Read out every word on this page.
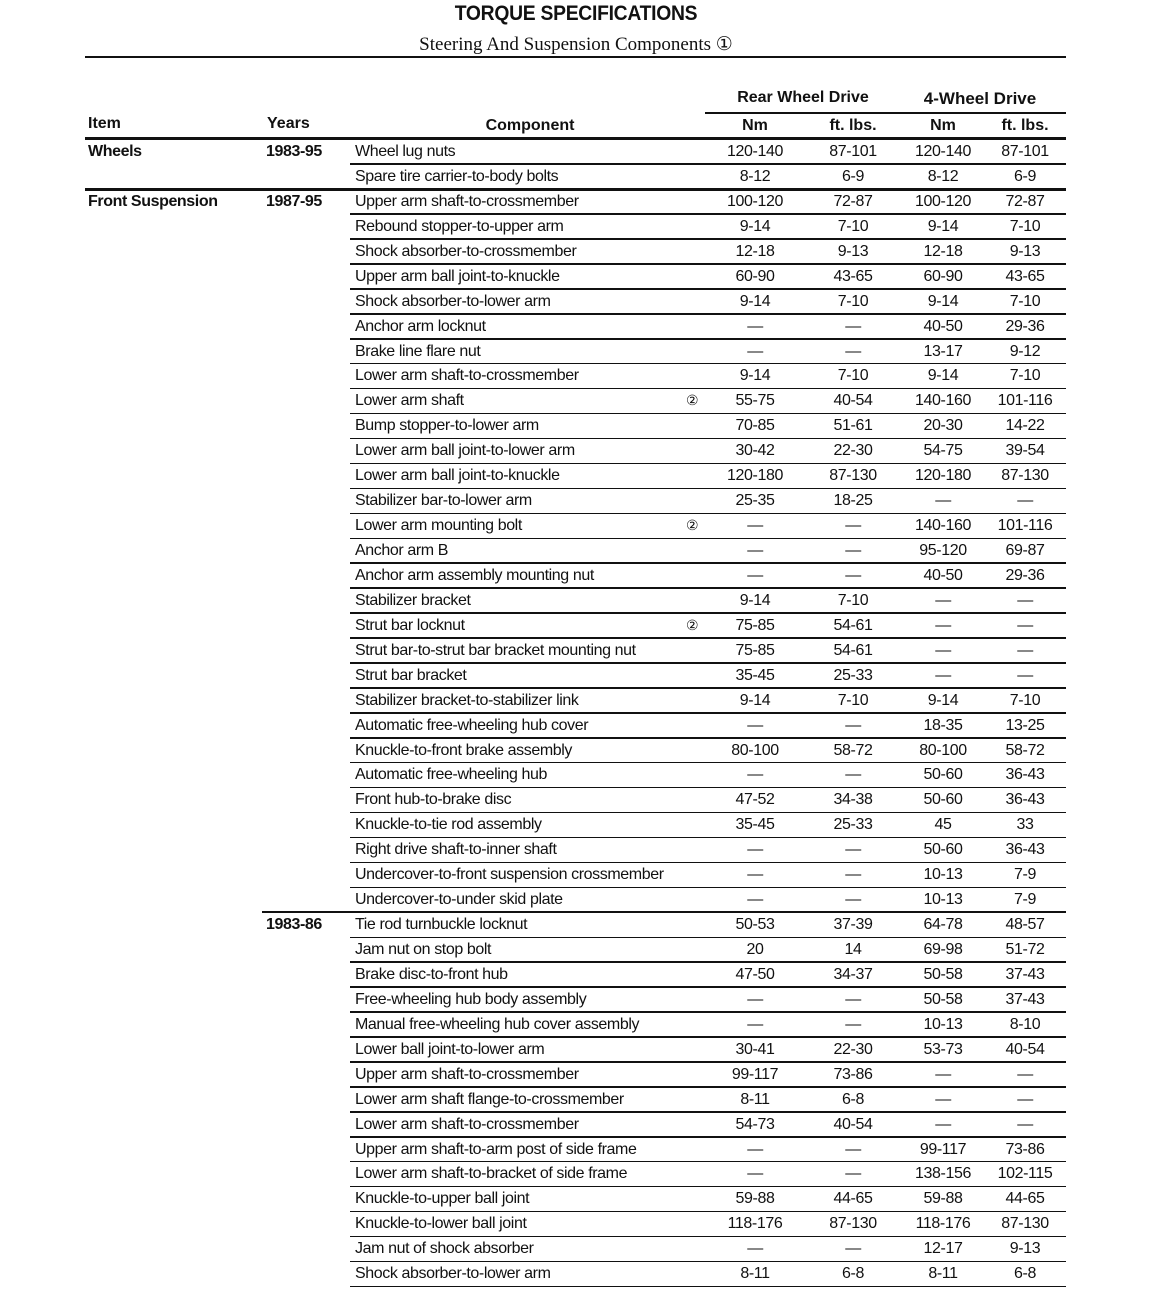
TORQUE SPECIFICATIONS
Steering And Suspension Components ①
Rear Wheel Drive	4-Wheel Drive
Item	Years	Component	Nm	ft. lbs.	Nm	ft. lbs.
Wheels	1983-95 Wheel lug nuts	120-140	87-101	120-140	87-101
Spare tire carrier-to-body bolts	8-12	6-9	8-12	6-9
Front Suspension	1987-95 Upper arm shaft-to-crossmember	100-120	72-87	100-120	72-87
Rebound stopper-to-upper arm	9-14	7-10	9-14	7-10
Shock absorber-to-crossmember	12-18	9-13	12-18	9-13
Upper arm ball joint-to-knuckle	60-90	43-65	60-90	43-65
Shock absorber-to-lower arm	9-14	7-10	9-14	7-10
Anchor arm locknut	—	—	40-50	29-36
Brake line flare nut	—	—	13-17	9-12
Lower arm shaft-to-crossmember	9-14	7-10	9-14	7-10
Lower arm shaft	②	55-75	40-54	140-160	101-116
Bump stopper-to-lower arm	70-85	51-61	20-30	14-22
Lower arm ball joint-to-lower arm	30-42	22-30	54-75	39-54
Lower arm ball joint-to-knuckle	120-180	87-130	120-180	87-130
Stabilizer bar-to-lower arm	25-35	18-25	—	—
Lower arm mounting bolt	②	—	—	140-160	101-116
Anchor arm B	—	—	95-120	69-87
Anchor arm assembly mounting nut	—	—	40-50	29-36
Stabilizer bracket	9-14	7-10	—	—
Strut bar locknut	②	75-85	54-61	—	—
Strut bar-to-strut bar bracket mounting nut	75-85	54-61	—	—
Strut bar bracket	35-45	25-33	—	—
Stabilizer bracket-to-stabilizer link	9-14	7-10	9-14	7-10
Automatic free-wheeling hub cover	—	—	18-35	13-25
Knuckle-to-front brake assembly	80-100	58-72	80-100	58-72
Automatic free-wheeling hub	—	—	50-60	36-43
Front hub-to-brake disc	47-52	34-38	50-60	36-43
Knuckle-to-tie rod assembly	35-45	25-33	45	33
Right drive shaft-to-inner shaft	—	—	50-60	36-43
Undercover-to-front suspension crossmember	—	—	10-13	7-9
Undercover-to-under skid plate	—	—	10-13	7-9
1983-86 Tie rod turnbuckle locknut	50-53	37-39	64-78	48-57
Jam nut on stop bolt	20	14	69-98	51-72
Brake disc-to-front hub	47-50	34-37	50-58	37-43
Free-wheeling hub body assembly	—	—	50-58	37-43
Manual free-wheeling hub cover assembly	—	—	10-13	8-10
Lower ball joint-to-lower arm	30-41	22-30	53-73	40-54
Upper arm shaft-to-crossmember	99-117	73-86	—	—
Lower arm shaft flange-to-crossmember	8-11	6-8	—	—
Lower arm shaft-to-crossmember	54-73	40-54	—	—
Upper arm shaft-to-arm post of side frame	—	—	99-117	73-86
Lower arm shaft-to-bracket of side frame	—	—	138-156	102-115
Knuckle-to-upper ball joint	59-88	44-65	59-88	44-65
Knuckle-to-lower ball joint	118-176	87-130	118-176	87-130
Jam nut of shock absorber	—	—	12-17	9-13
Shock absorber-to-lower arm	8-11	6-8	8-11	6-8
